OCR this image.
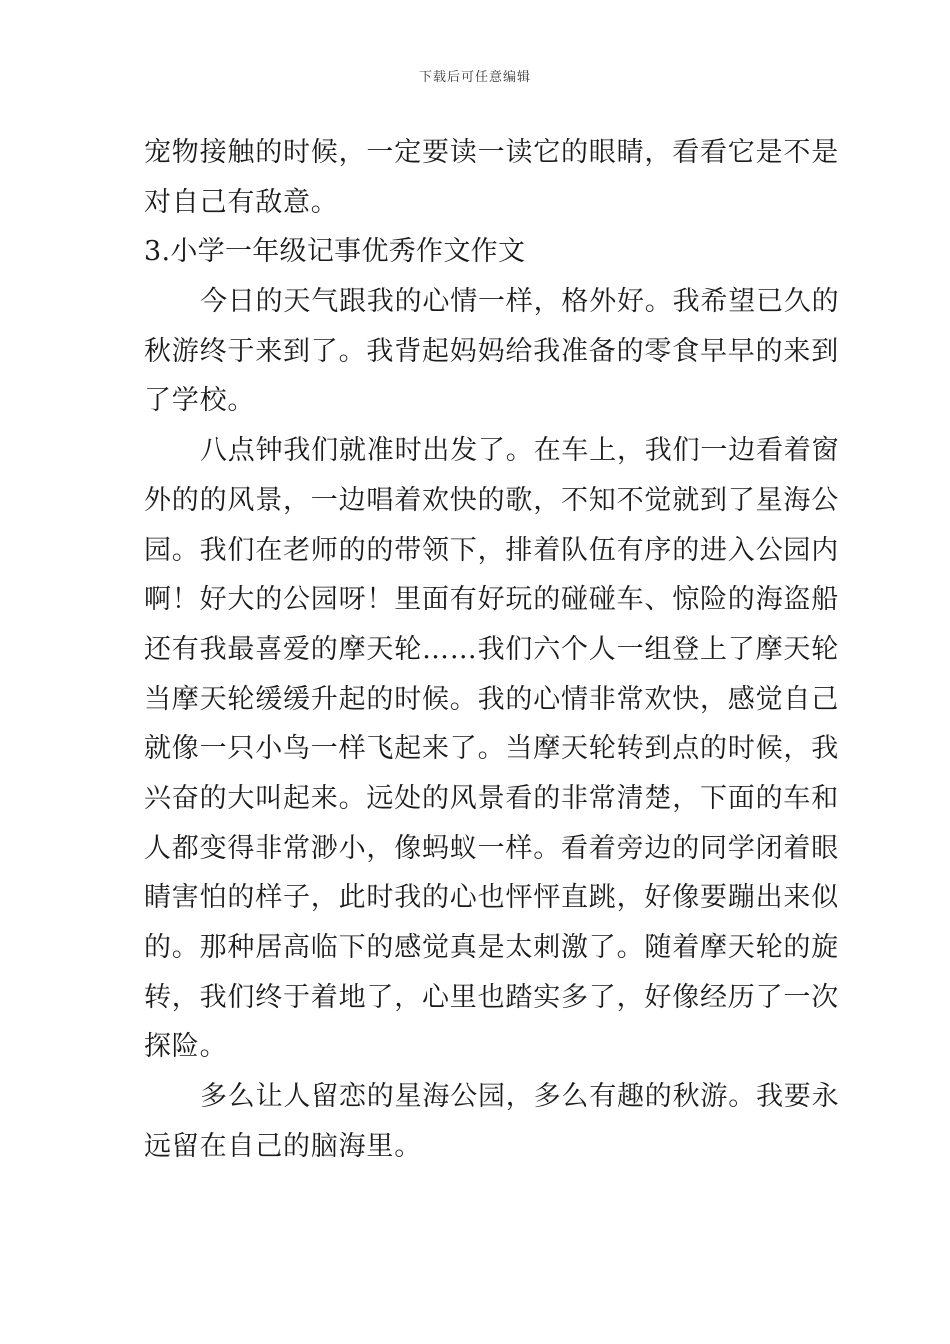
下载后可任意编辑
宠物接触的时候，一定要读一读它的眼睛，看看它是不是
对自己有敌意。
3.小学一年级记事优秀作文作文
今日的天气跟我的心情一样，格外好。我希望已久的
秋游终于来到了。我背起妈妈给我准备的零食早早的来到
了学校。
八点钟我们就准时出发了。在车上，我们一边看着窗
外的的风景，一边唱着欢快的歌，不知不觉就到了星海公
园。我们在老师的的带领下，排着队伍有序的进入公园内
啊！好大的公园呀！里面有好玩的碰碰车、惊险的海盗船
还有我最喜爱的摩天轮……我们六个人一组登上了摩天轮
当摩天轮缓缓升起的时候。我的心情非常欢快，感觉自己
就像一只小鸟一样飞起来了。当摩天轮转到点的时候，我
兴奋的大叫起来。远处的风景看的非常清楚，下面的车和
人都变得非常渺小，像蚂蚁一样。看着旁边的同学闭着眼
睛害怕的样子，此时我的心也怦怦直跳，好像要蹦出来似
的。那种居高临下的感觉真是太刺激了。随着摩天轮的旋
转，我们终于着地了，心里也踏实多了，好像经历了一次
探险。
多么让人留恋的星海公园，多么有趣的秋游。我要永
远留在自己的脑海里。
